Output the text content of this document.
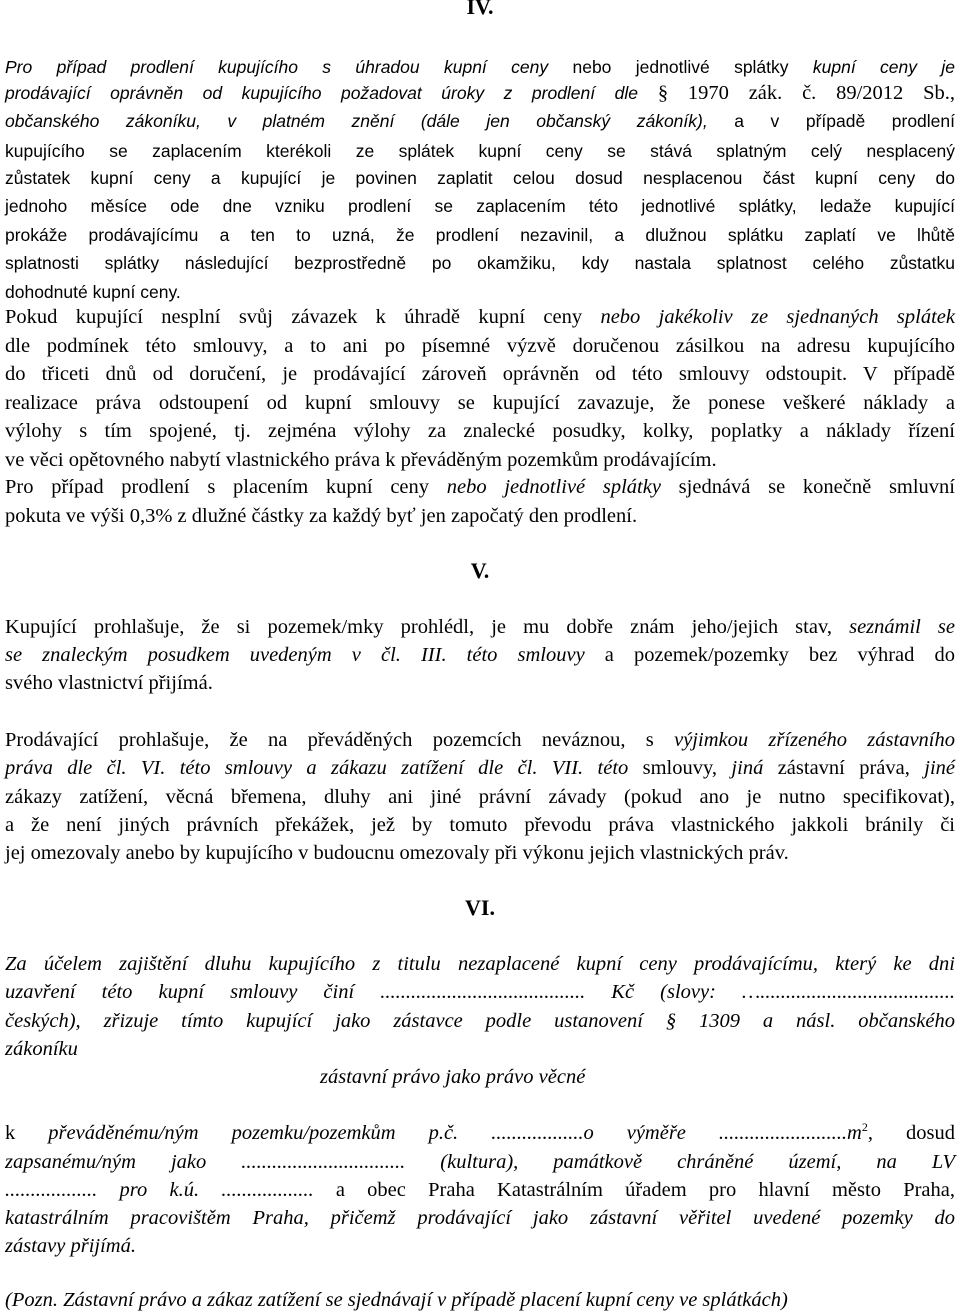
IV.
Pro případ prodlení kupujícího s úhradou kupní ceny nebo jednotlivé splátky kupní ceny je
prodávající oprávněn od kupujícího požadovat úroky z prodlení dle § 1970 zák. č. 89/2012 Sb.,
občanského zákoníku, v platném znění (dále jen občanský zákoník), a v případě prodlení
kupujícího se zaplacením kterékoli ze splátek kupní ceny se stává splatným celý nesplacený
zůstatek kupní ceny a kupující je povinen zaplatit celou dosud nesplacenou část kupní ceny do
jednoho měsíce ode dne vzniku prodlení se zaplacením této jednotlivé splátky, ledaže kupující
prokáže prodávajícímu a ten to uzná, že prodlení nezavinil, a dlužnou splátku zaplatí ve lhůtě
splatnosti splátky následující bezprostředně po okamžiku, kdy nastala splatnost celého zůstatku
dohodnuté kupní ceny.
Pokud kupující nesplní svůj závazek k úhradě kupní ceny nebo jakékoliv ze sjednaných splátek
dle podmínek této smlouvy, a to ani po písemné výzvě doručenou zásilkou na adresu kupujícího
do třiceti dnů od doručení, je prodávající zároveň oprávněn od této smlouvy odstoupit. V případě
realizace práva odstoupení od kupní smlouvy se kupující zavazuje, že ponese veškeré náklady a
výlohy s tím spojené, tj. zejména výlohy za znalecké posudky, kolky, poplatky a náklady řízení
ve věci opětovného nabytí vlastnického práva k převáděným pozemkům prodávajícím.
Pro případ prodlení s placením kupní ceny nebo jednotlivé splátky sjednává se konečně smluvní
pokuta ve výši 0,3% z dlužné částky za každý byť jen započatý den prodlení.
V.
Kupující prohlašuje, že si pozemek/mky prohlédl, je mu dobře znám jeho/jejich stav, seznámil se
se znaleckým posudkem uvedeným v čl. III. této smlouvy a pozemek/pozemky bez výhrad do
svého vlastnictví přijímá.
Prodávající prohlašuje, že na převáděných pozemcích neváznou, s výjimkou zřízeného zástavního
práva dle čl. VI. této smlouvy a zákazu zatížení dle čl. VII. této smlouvy, jiná zástavní práva, jiné
zákazy zatížení, věcná břemena, dluhy ani jiné právní závady (pokud ano je nutno specifikovat),
a že není jiných právních překážek, jež by tomuto převodu práva vlastnického jakkoli bránily či
jej omezovaly anebo by kupujícího v budoucnu omezovaly při výkonu jejich vlastnických práv.
VI.
Za účelem zajištění dluhu kupujícího z titulu nezaplacené kupní ceny prodávajícímu, který ke dni
uzavření této kupní smlouvy činí ........................................ Kč (slovy: …......................................
českých), zřizuje tímto kupující jako zástavce podle ustanovení § 1309 a násl. občanského
zákoníku
zástavní právo jako právo věcné
k převáděnému/ným pozemku/pozemkům p.č. ..................o výměře $.........................m^2$, dosud
zapsanému/ným jako ................................ (kultura), památkově chráněné území, na LV
.................. pro k.ú. .................. a obec Praha Katastrálním úřadem pro hlavní město Praha,
katastrálním pracovištěm Praha, přičemž prodávající jako zástavní věřitel uvedené pozemky do
zástavy přijímá.
(Pozn. Zástavní právo a zákaz zatížení se sjednávají v případě placení kupní ceny ve splátkách)
